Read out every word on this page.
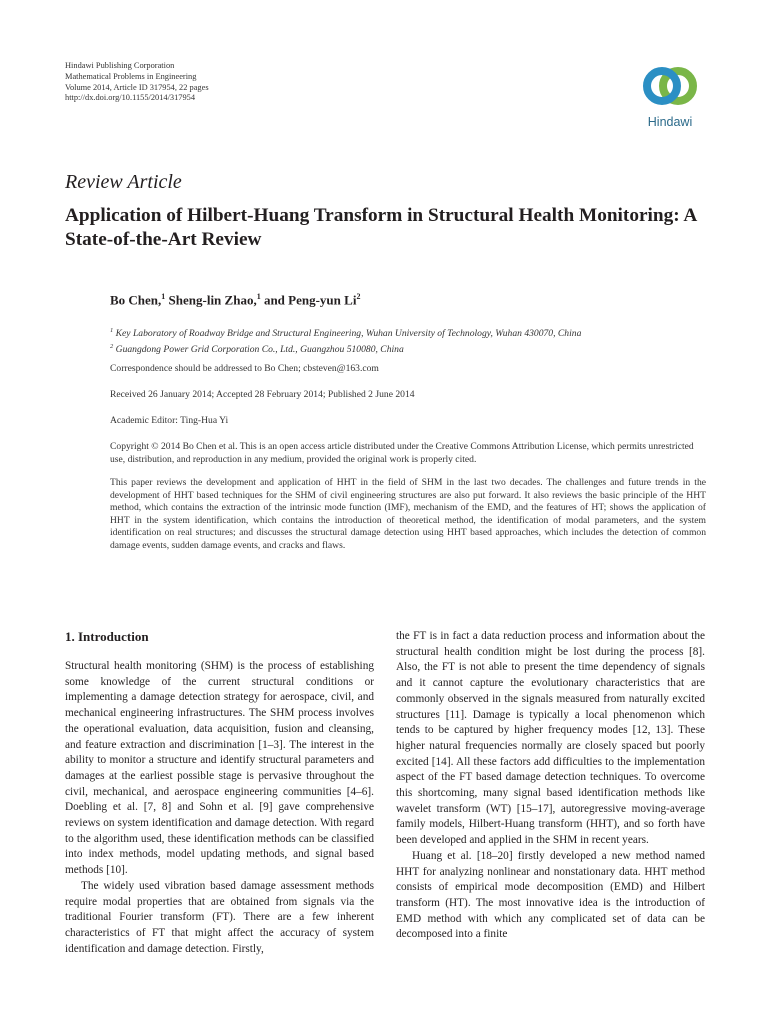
Hindawi Publishing Corporation
Mathematical Problems in Engineering
Volume 2014, Article ID 317954, 22 pages
http://dx.doi.org/10.1155/2014/317954
Hindawi
Review Article
Application of Hilbert-Huang Transform in Structural Health Monitoring: A State-of-the-Art Review
Bo Chen,$^1$ Sheng-lin Zhao,$^1$ and Peng-yun Li$^2$
$^1$ Key Laboratory of Roadway Bridge and Structural Engineering, Wuhan University of Technology, Wuhan 430070, China
$^2$ Guangdong Power Grid Corporation Co., Ltd., Guangzhou 510080, China
Correspondence should be addressed to Bo Chen; cbsteven@163.com
Received 26 January 2014; Accepted 28 February 2014; Published 2 June 2014
Academic Editor: Ting-Hua Yi
Copyright © 2014 Bo Chen et al. This is an open access article distributed under the Creative Commons Attribution License, which permits unrestricted use, distribution, and reproduction in any medium, provided the original work is properly cited.
This paper reviews the development and application of HHT in the field of SHM in the last two decades. The challenges and future trends in the development of HHT based techniques for the SHM of civil engineering structures are also put forward. It also reviews the basic principle of the HHT method, which contains the extraction of the intrinsic mode function (IMF), mechanism of the EMD, and the features of HT; shows the application of HHT in the system identification, which contains the introduction of theoretical method, the identification of modal parameters, and the system identification on real structures; and discusses the structural damage detection using HHT based approaches, which includes the detection of common damage events, sudden damage events, and cracks and flaws.
1. Introduction

Structural health monitoring (SHM) is the process of establishing some knowledge of the current structural conditions or implementing a damage detection strategy for aerospace, civil, and mechanical engineering infrastructures. The SHM process involves the operational evaluation, data acquisition, fusion and cleansing, and feature extraction and discrimination [1–3]. The interest in the ability to monitor a structure and identify structural parameters and damages at the earliest possible stage is pervasive throughout the civil, mechanical, and aerospace engineering communities [4–6]. Doebling et al. [7, 8] and Sohn et al. [9] gave comprehensive reviews on system identification and damage detection. With regard to the algorithm used, these identification methods can be classified into index methods, model updating methods, and signal based methods [10].

The widely used vibration based damage assessment methods require modal properties that are obtained from signals via the traditional Fourier transform (FT). There are a few inherent characteristics of FT that might affect the accuracy of system identification and damage detection. Firstly,

the FT is in fact a data reduction process and information about the structural health condition might be lost during the process [8]. Also, the FT is not able to present the time dependency of signals and it cannot capture the evolutionary characteristics that are commonly observed in the signals measured from naturally excited structures [11]. Damage is typically a local phenomenon which tends to be captured by higher frequency modes [12, 13]. These higher natural frequencies normally are closely spaced but poorly excited [14]. All these factors add difficulties to the implementation aspect of the FT based damage detection techniques. To overcome this shortcoming, many signal based identification methods like wavelet transform (WT) [15–17], autoregressive moving-average family models, Hilbert-Huang transform (HHT), and so forth have been developed and applied in the SHM in recent years.

Huang et al. [18–20] firstly developed a new method named HHT for analyzing nonlinear and nonstationary data. HHT method consists of empirical mode decomposition (EMD) and Hilbert transform (HT). The most innovative idea is the introduction of EMD method with which any complicated set of data can be decomposed into a finite
